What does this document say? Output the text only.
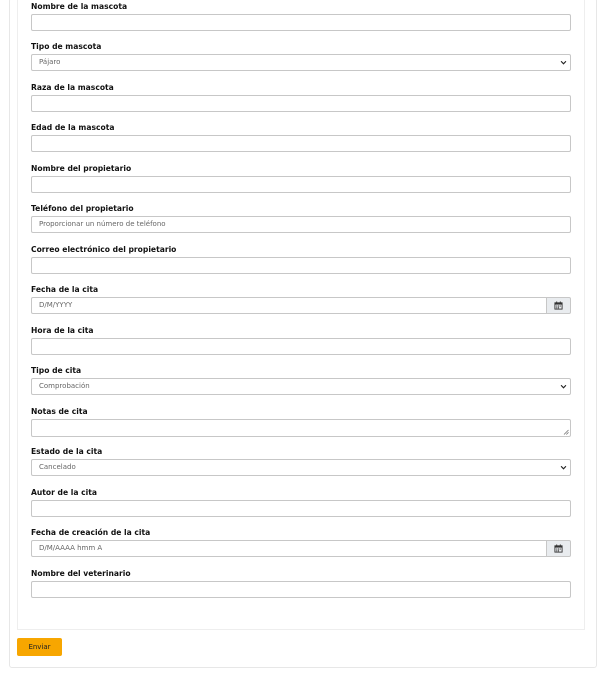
Nombre de la mascota
Tipo de mascota
Pájaro
Raza de la mascota
Edad de la mascota
Nombre del propietario
Teléfono del propietario
Proporcionar un número de teléfono
Correo electrónico del propietario
Fecha de la cita
D/M/YYYY
Hora de la cita
Tipo de cita
Comprobación
Notas de cita
Estado de la cita
Cancelado
Autor de la cita
Fecha de creación de la cita
D/M/AAAA hmm A
Nombre del veterinario
Enviar
